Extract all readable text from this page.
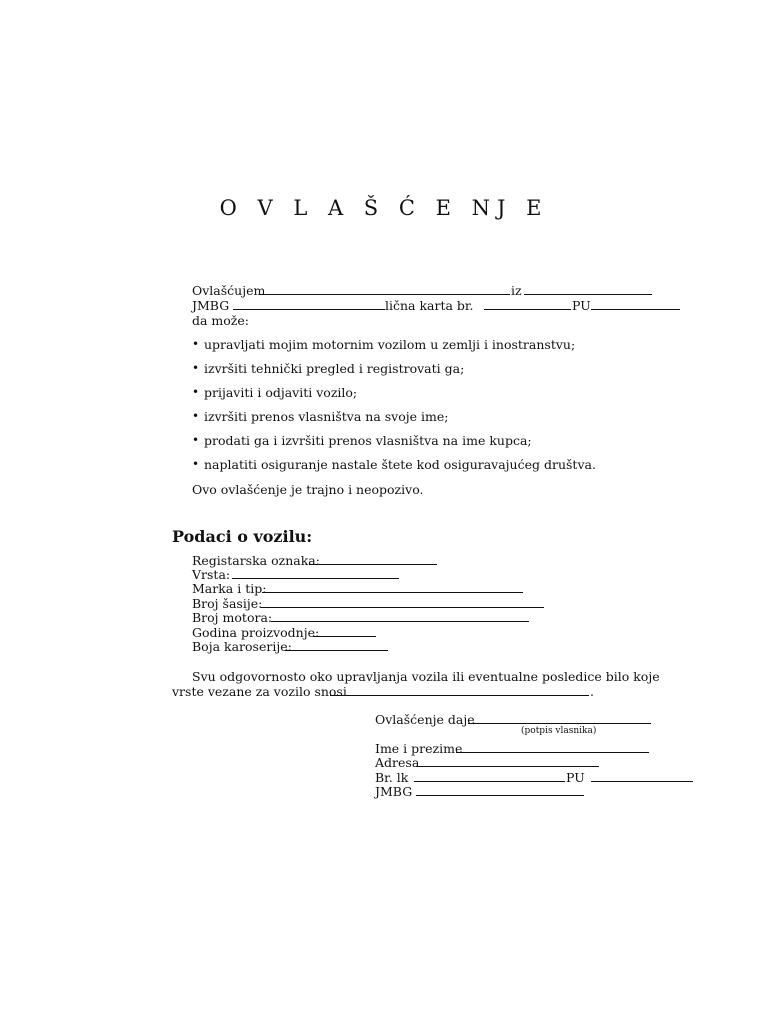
O V L A Š Ć E NJ E
Ovlašćujem	iz
JMBG	lična karta br.	PU
da može:
• upravljati mojim motornim vozilom u zemlji i inostranstvu;
• izvršiti tehnički pregled i registrovati ga;
• prijaviti i odjaviti vozilo;
• izvršiti prenos vlasništva na svoje ime;
• prodati ga i izvršiti prenos vlasništva na ime kupca;
• naplatiti osiguranje nastale štete kod osiguravajućeg društva.
Ovo ovlašćenje je trajno i neopozivo.
Podaci o vozilu:
Registarska oznaka:
Vrsta:
Marka i tip:
Broj šasije:
Broj motora:
Godina proizvodnje:
Boja karoserije:
Svu odgovornosto oko upravljanja vozila ili eventualne posledice bilo koje
vrste vezane za vozilo snosi	.
Ovlašćenje daje
(potpis vlasnika)
Ime i prezime
Adresa
Br. lk	PU
JMBG
